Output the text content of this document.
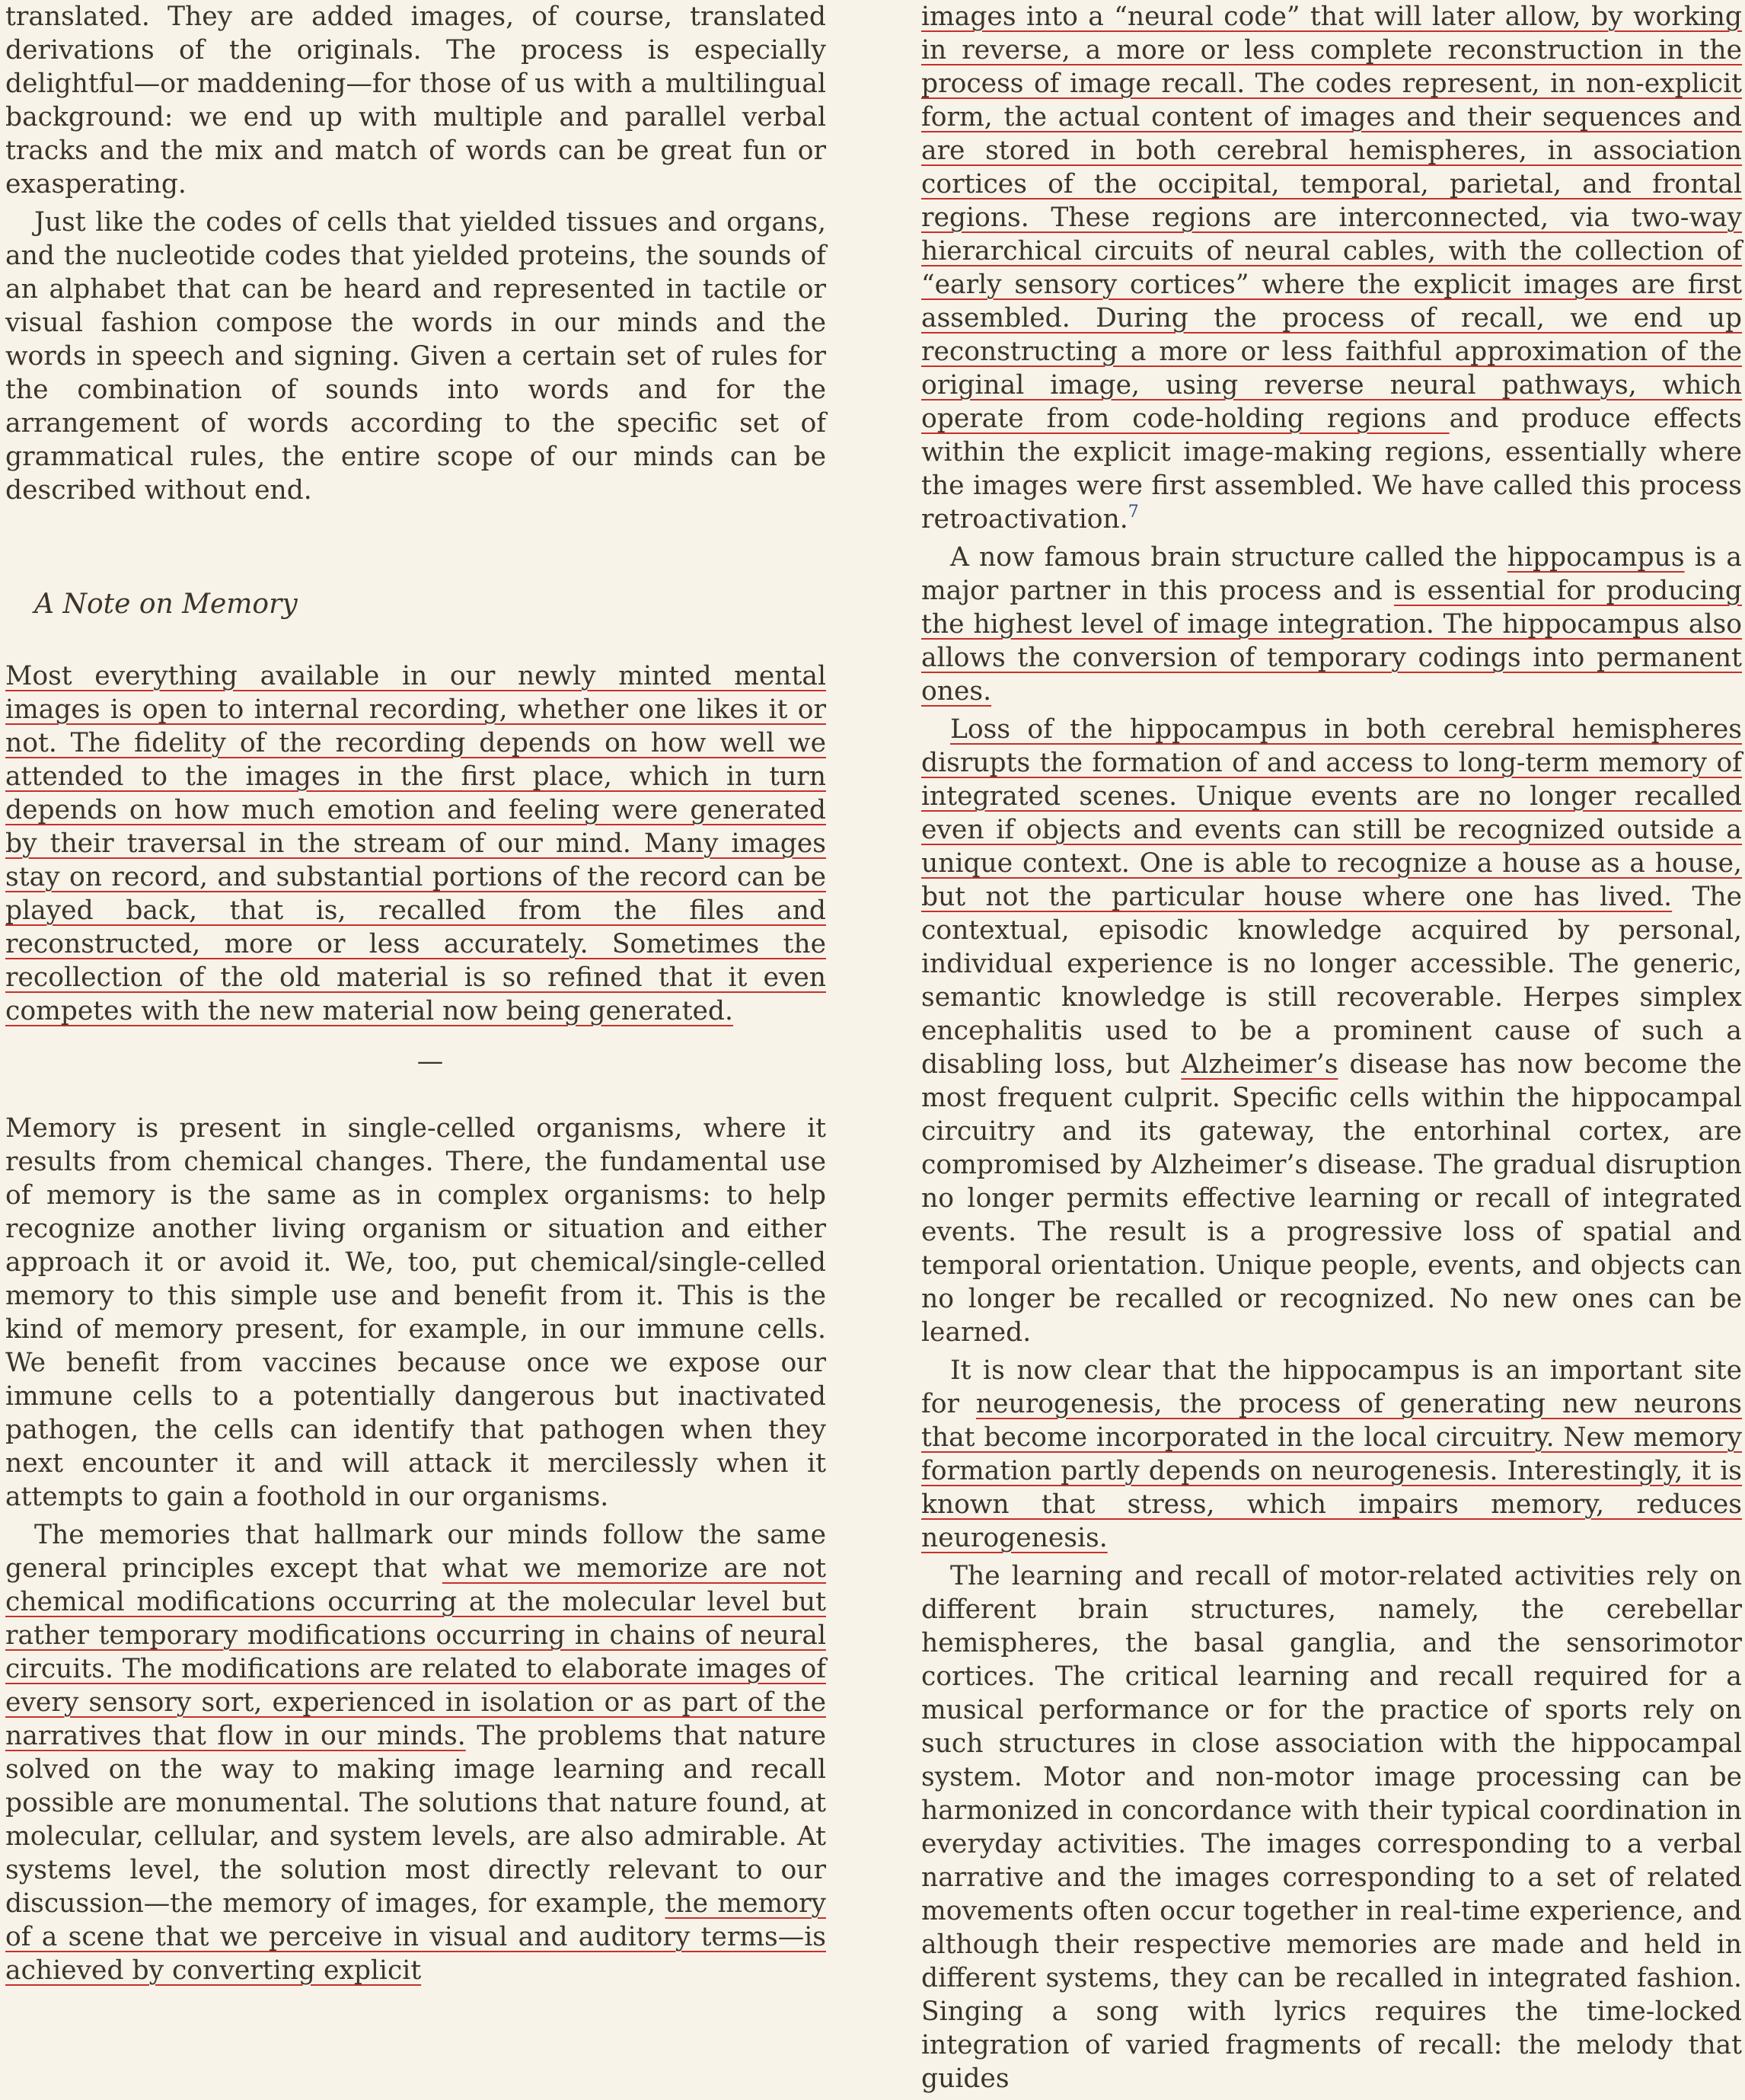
translated. They are added images, of course, translated derivations of the originals. The process is especially delightful—or maddening—for those of us with a multilingual background: we end up with multiple and parallel verbal tracks and the mix and match of words can be great fun or exasperating.

Just like the codes of cells that yielded tissues and organs, and the nucleotide codes that yielded proteins, the sounds of an alphabet that can be heard and represented in tactile or visual fashion compose the words in our minds and the words in speech and signing. Given a certain set of rules for the combination of sounds into words and for the arrangement of words according to the specific set of grammatical rules, the entire scope of our minds can be described without end.

A Note on Memory

Most everything available in our newly minted mental images is open to internal recording, whether one likes it or not. The fidelity of the recording depends on how well we attended to the images in the first place, which in turn depends on how much emotion and feeling were generated by their traversal in the stream of our mind. Many images stay on record, and substantial portions of the record can be played back, that is, recalled from the files and reconstructed, more or less accurately. Sometimes the recollection of the old material is so refined that it even competes with the new material now being generated.

—

Memory is present in single-celled organisms, where it results from chemical changes. There, the fundamental use of memory is the same as in complex organisms: to help recognize another living organism or situation and either approach it or avoid it. We, too, put chemical/single-celled memory to this simple use and benefit from it. This is the kind of memory present, for example, in our immune cells. We benefit from vaccines because once we expose our immune cells to a potentially dangerous but inactivated pathogen, the cells can identify that pathogen when they next encounter it and will attack it mercilessly when it attempts to gain a foothold in our organisms.

The memories that hallmark our minds follow the same general principles except that what we memorize are not chemical modifications occurring at the molecular level but rather temporary modifications occurring in chains of neural circuits. The modifications are related to elaborate images of every sensory sort, experienced in isolation or as part of the narratives that flow in our minds. The problems that nature solved on the way to making image learning and recall possible are monumental. The solutions that nature found, at molecular, cellular, and system levels, are also admirable. At systems level, the solution most directly relevant to our discussion—the memory of images, for example, the memory of a scene that we perceive in visual and auditory terms—is achieved by converting explicit

images into a “neural code” that will later allow, by working in reverse, a more or less complete reconstruction in the process of image recall. The codes represent, in non-explicit form, the actual content of images and their sequences and are stored in both cerebral hemispheres, in association cortices of the occipital, temporal, parietal, and frontal regions. These regions are interconnected, via two-way hierarchical circuits of neural cables, with the collection of “early sensory cortices” where the explicit images are first assembled. During the process of recall, we end up reconstructing a more or less faithful approximation of the original image, using reverse neural pathways, which operate from code-holding regions and produce effects within the explicit image-making regions, essentially where the images were first assembled. We have called this process retroactivation.$^7$

A now famous brain structure called the hippocampus is a major partner in this process and is essential for producing the highest level of image integration. The hippocampus also allows the conversion of temporary codings into permanent ones.

Loss of the hippocampus in both cerebral hemispheres disrupts the formation of and access to long-term memory of integrated scenes. Unique events are no longer recalled even if objects and events can still be recognized outside a unique context. One is able to recognize a house as a house, but not the particular house where one has lived. The contextual, episodic knowledge acquired by personal, individual experience is no longer accessible. The generic, semantic knowledge is still recoverable. Herpes simplex encephalitis used to be a prominent cause of such a disabling loss, but Alzheimer’s disease has now become the most frequent culprit. Specific cells within the hippocampal circuitry and its gateway, the entorhinal cortex, are compromised by Alzheimer’s disease. The gradual disruption no longer permits effective learning or recall of integrated events. The result is a progressive loss of spatial and temporal orientation. Unique people, events, and objects can no longer be recalled or recognized. No new ones can be learned.

It is now clear that the hippocampus is an important site for neurogenesis, the process of generating new neurons that become incorporated in the local circuitry. New memory formation partly depends on neurogenesis. Interestingly, it is known that stress, which impairs memory, reduces neurogenesis.

The learning and recall of motor-related activities rely on different brain structures, namely, the cerebellar hemispheres, the basal ganglia, and the sensorimotor cortices. The critical learning and recall required for a musical performance or for the practice of sports rely on such structures in close association with the hippocampal system. Motor and non-motor image processing can be harmonized in concordance with their typical coordination in everyday activities. The images corresponding to a verbal narrative and the images corresponding to a set of related movements often occur together in real-time experience, and although their respective memories are made and held in different systems, they can be recalled in integrated fashion. Singing a song with lyrics requires the time-locked integration of varied fragments of recall: the melody that guides
